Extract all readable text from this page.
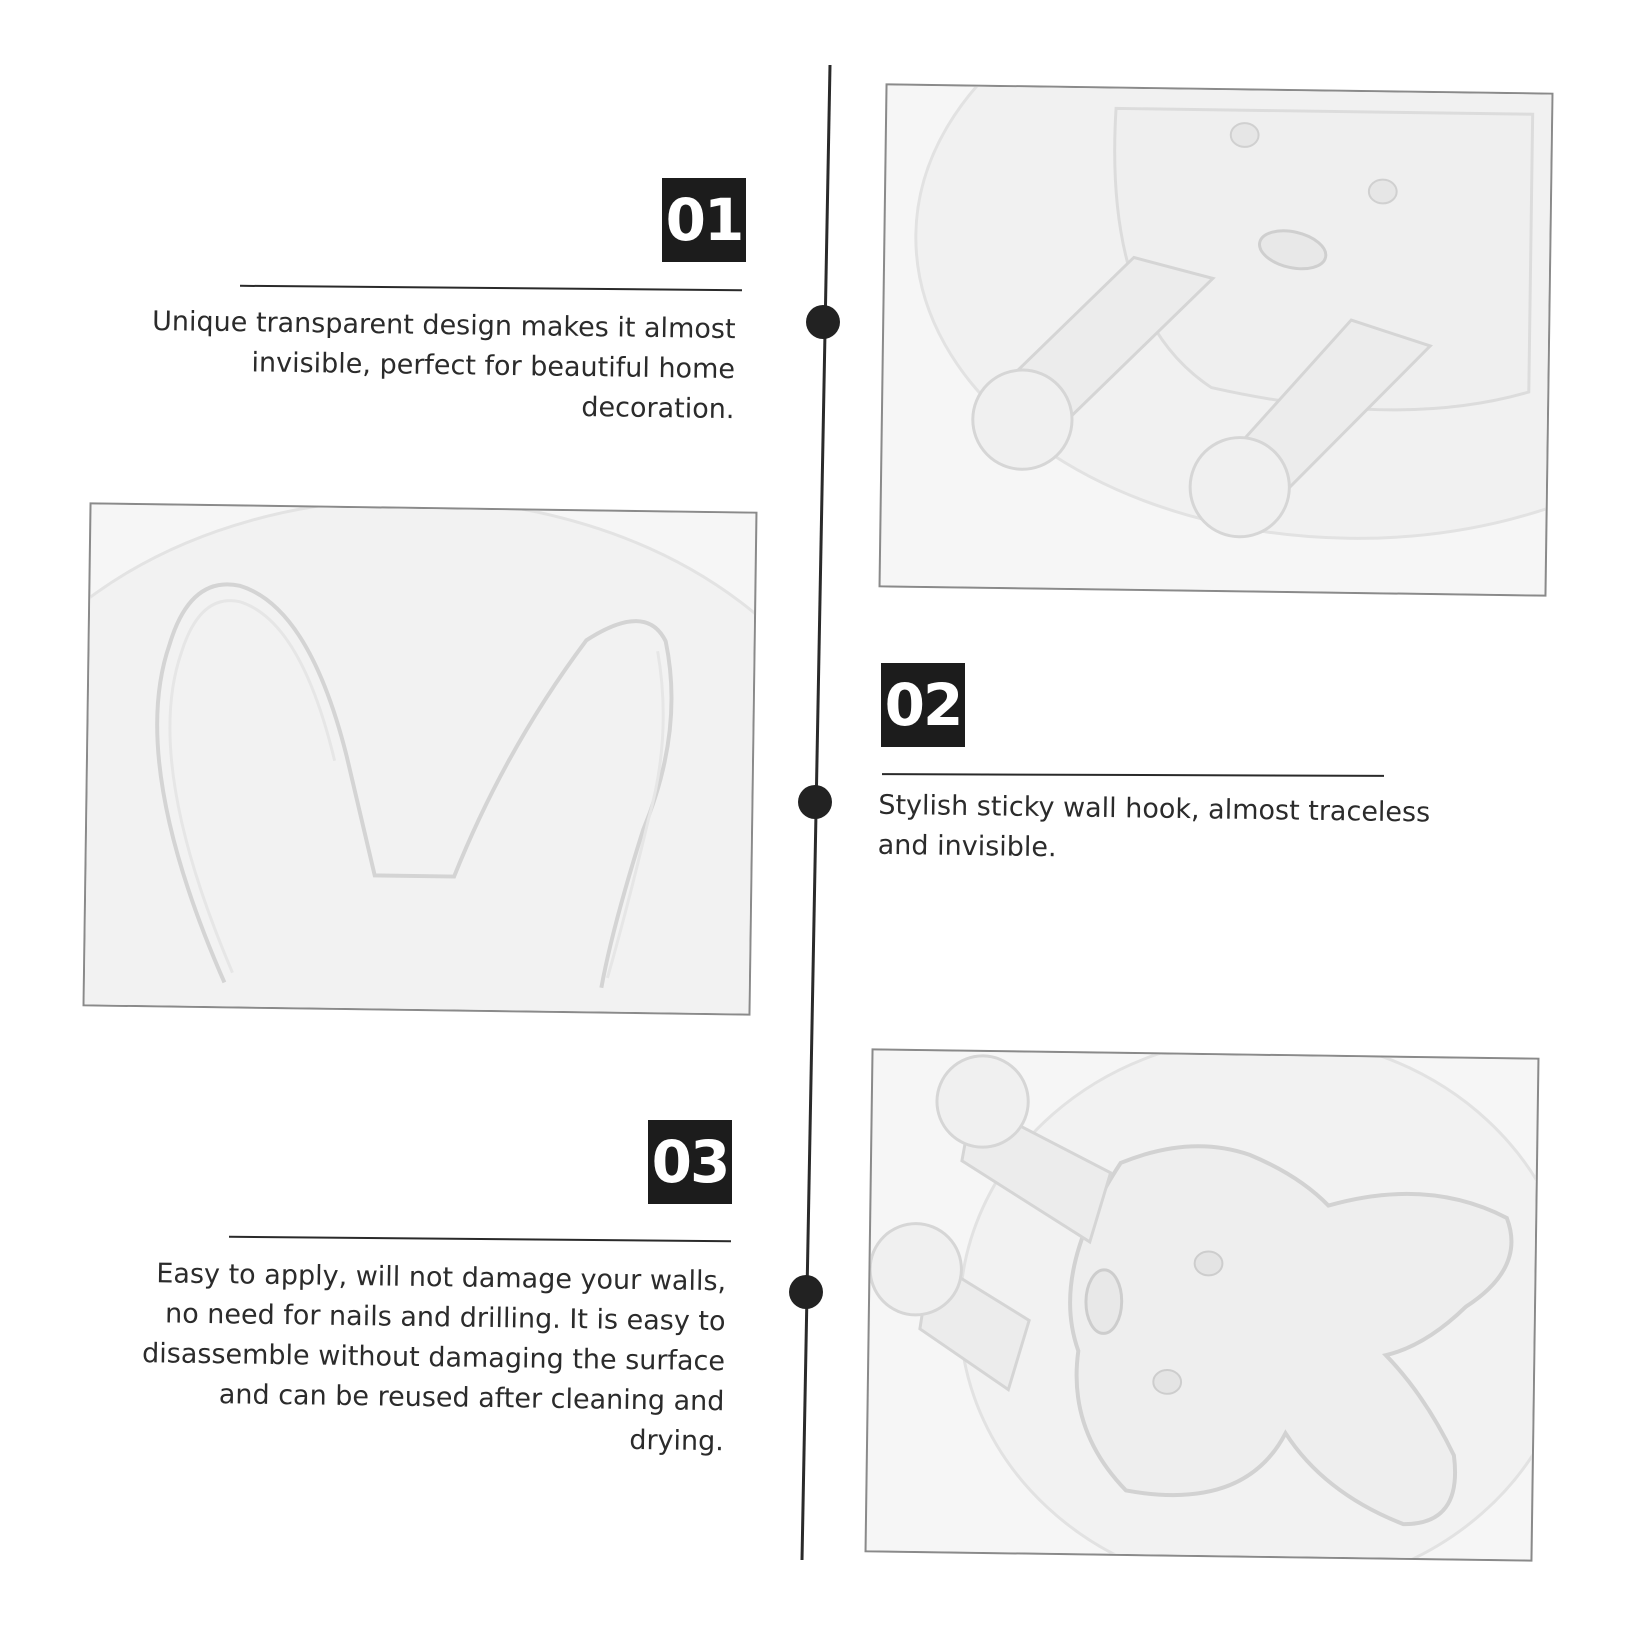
01
Unique transparent design makes it almost invisible, perfect for beautiful home decoration.
02
Stylish sticky wall hook, almost traceless and invisible.
03
Easy to apply, will not damage your walls, no need for nails and drilling. It is easy to disassemble without damaging the surface and can be reused after cleaning and drying.
